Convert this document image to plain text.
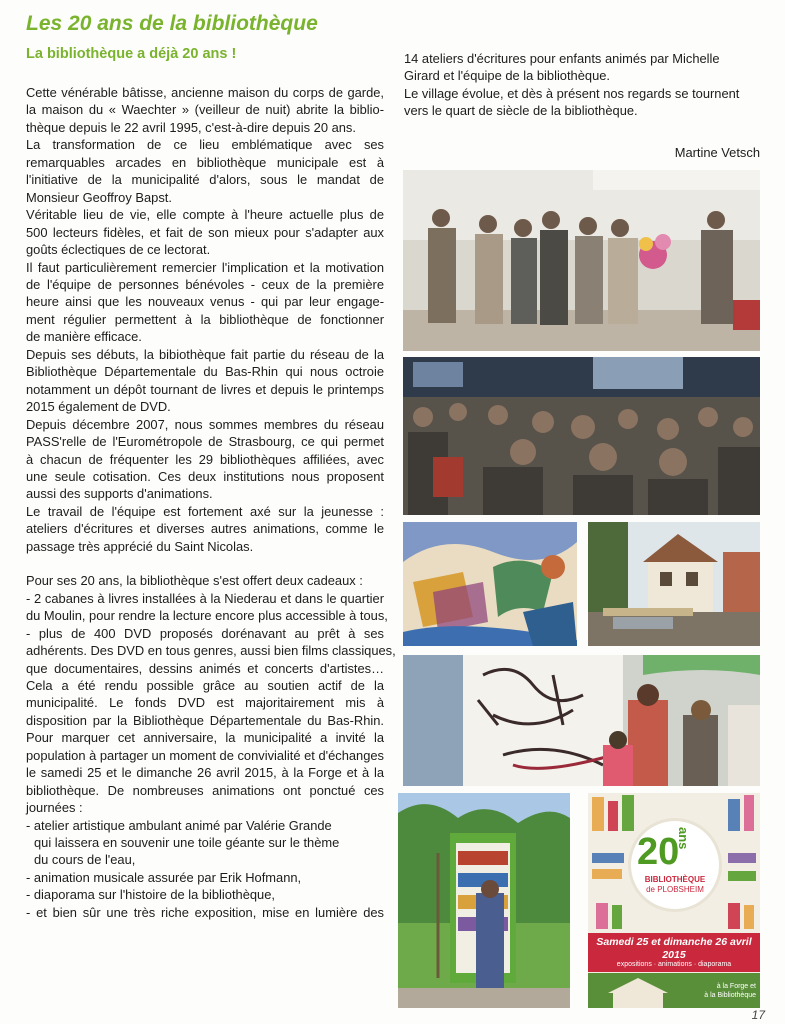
Les 20 ans de la bibliothèque
La bibliothèque a déjà 20 ans !
Cette vénérable bâtisse, ancienne maison du corps de garde,
la maison du « Waechter » (veilleur de nuit) abrite la biblio-
thèque depuis le 22 avril 1995, c'est-à-dire depuis 20 ans.
La transformation de ce lieu emblématique avec ses
remarquables arcades en bibliothèque municipale est à
l'initiative de la municipalité d'alors, sous le mandat de
Monsieur Geoffroy Bapst.
Véritable lieu de vie, elle compte à l'heure actuelle plus de
500 lecteurs fidèles, et fait de son mieux pour s'adapter aux
goûts éclectiques de ce lectorat.
Il faut particulièrement remercier l'implication et la motivation
de l'équipe de personnes bénévoles - ceux de la première
heure ainsi que les nouveaux venus - qui par leur engage-
ment régulier permettent à la bibliothèque de fonctionner
de manière efficace.
Depuis ses débuts, la bibiothèque fait partie du réseau de la
Bibliothèque Départementale du Bas-Rhin qui nous octroie
notamment un dépôt tournant de livres et depuis le printemps
2015 également de DVD.
Depuis décembre 2007, nous sommes membres du réseau
PASS'relle de l'Eurométropole de Strasbourg, ce qui permet
à chacun de fréquenter les 29 bibliothèques affiliées, avec
une seule cotisation. Ces deux institutions nous proposent
aussi des supports d'animations.
Le travail de l'équipe est fortement axé sur la jeunesse :
ateliers d'écritures et diverses autres animations, comme le
passage très apprécié du Saint Nicolas.
Pour ses 20 ans, la bibliothèque s'est offert deux cadeaux :
- 2 cabanes à livres installées à la Niederau et dans le quartier
du Moulin, pour rendre la lecture encore plus accessible à tous,
- plus de 400 DVD proposés dorénavant au prêt à ses
adhérents. Des DVD en tous genres, aussi bien films classiques,
que documentaires, dessins animés et concerts d'artistes…
Cela a été rendu possible grâce au soutien actif de la
municipalité. Le fonds DVD est majoritairement mis à
disposition par la Bibliothèque Départementale du Bas-Rhin.
Pour marquer cet anniversaire, la municipalité a invité la
population à partager un moment de convivialité et d'échanges
le samedi 25 et le dimanche 26 avril 2015, à la Forge et à la
bibliothèque. De nombreuses animations ont ponctué ces
journées :
- atelier artistique ambulant animé par Valérie Grande
qui laissera en souvenir une toile géante sur le thème
du cours de l'eau,
- animation musicale assurée par Erik Hofmann,
- diaporama sur l'histoire de la bibliothèque,
- et bien sûr une très riche exposition, mise en lumière des
14 ateliers d'écritures pour enfants animés par Michelle
Girard et l'équipe de la bibliothèque.
Le village évolue, et dès à présent nos regards se tournent
vers le quart de siècle de la bibliothèque.
Martine Vetsch
20
ans
BIBLIOTHÈQUE
de PLOBSHEIM
Samedi 25 et dimanche 26 avril 2015
expositions · animations · diaporama
à la Forge et
à la Bibliothèque
17
